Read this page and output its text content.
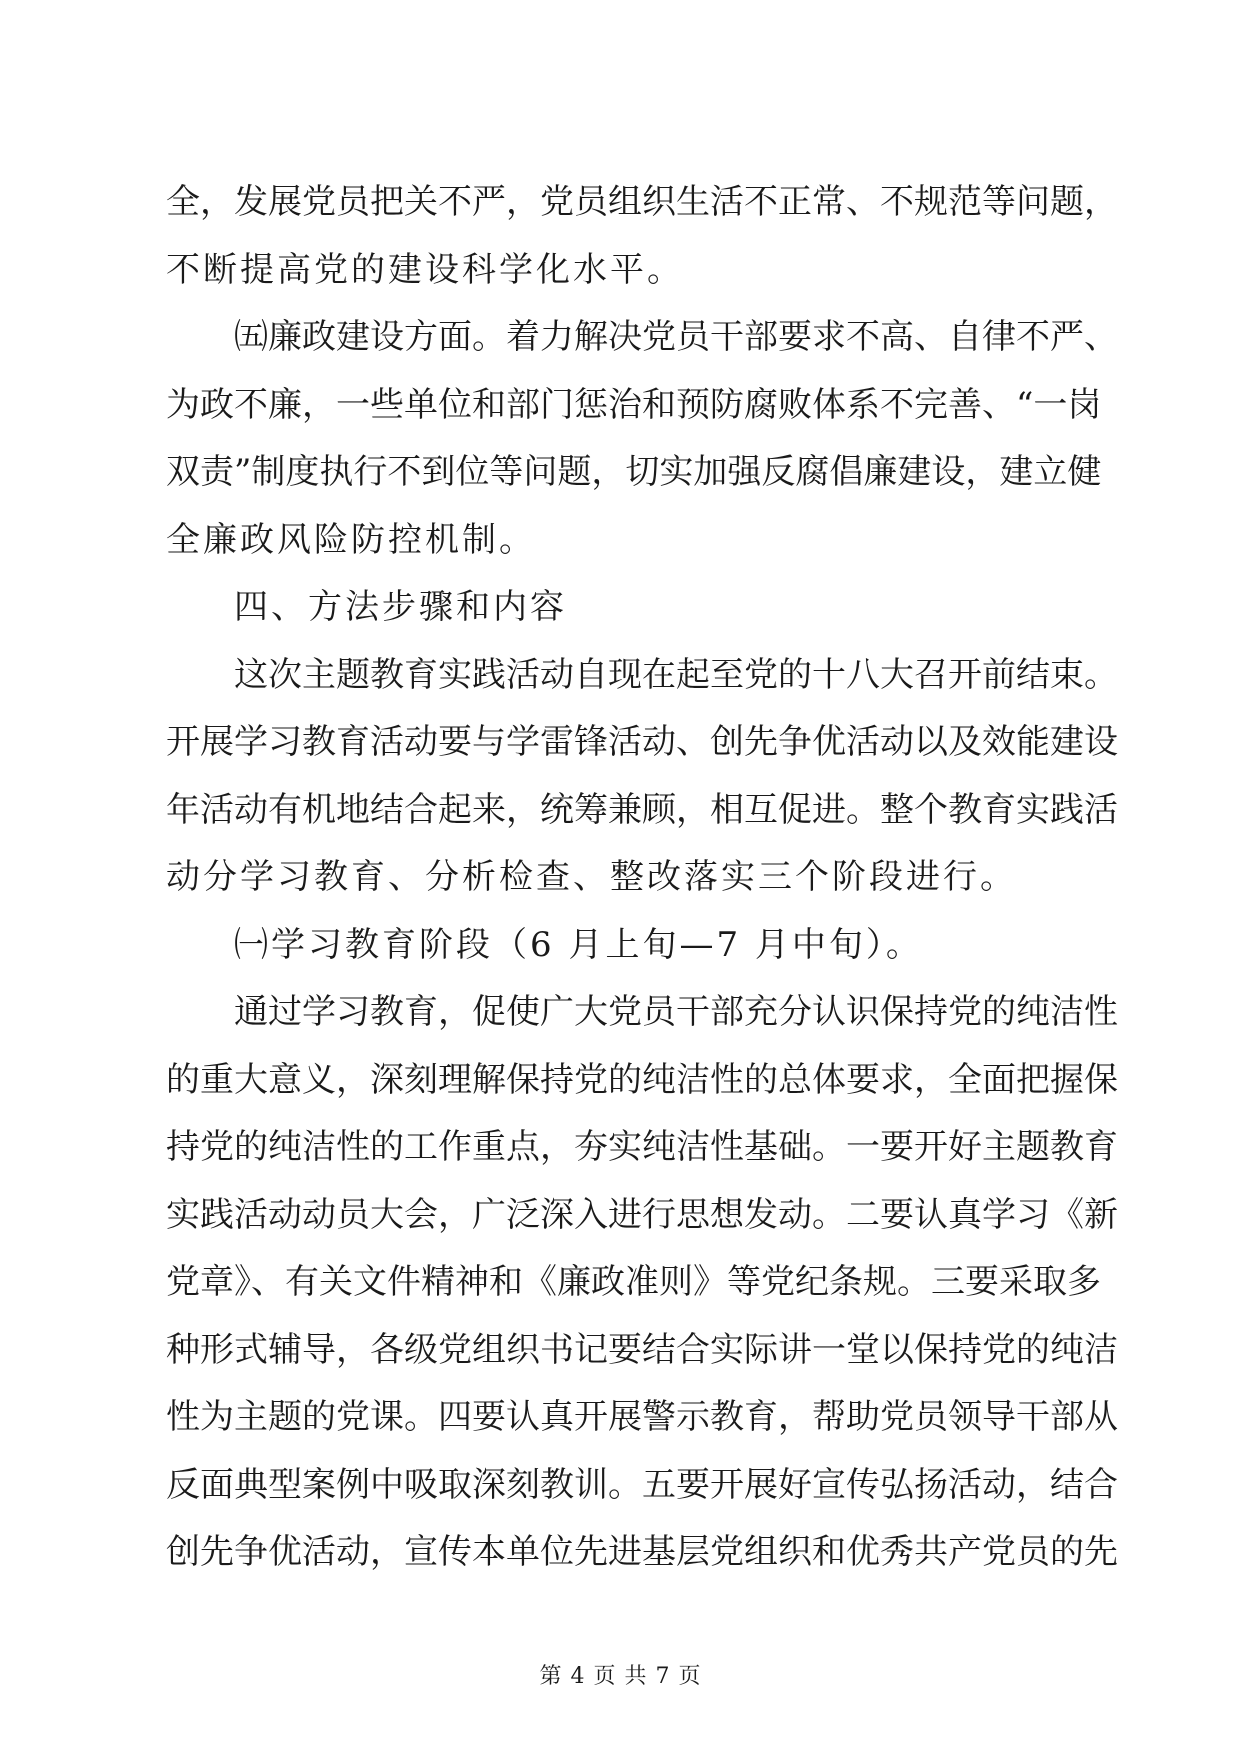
全，发展党员把关不严，党员组织生活不正常、不规范等问题，
不断提高党的建设科学化水平。
㈤廉政建设方面。着力解决党员干部要求不高、自律不严、
为政不廉，一些单位和部门惩治和预防腐败体系不完善、“一岗
双责”制度执行不到位等问题，切实加强反腐倡廉建设，建立健
全廉政风险防控机制。
四、方法步骤和内容
这次主题教育实践活动自现在起至党的十八大召开前结束。
开展学习教育活动要与学雷锋活动、创先争优活动以及效能建设
年活动有机地结合起来，统筹兼顾，相互促进。整个教育实践活
动分学习教育、分析检查、整改落实三个阶段进行。
㈠学习教育阶段（6 月上旬—7 月中旬）。
通过学习教育，促使广大党员干部充分认识保持党的纯洁性
的重大意义，深刻理解保持党的纯洁性的总体要求，全面把握保
持党的纯洁性的工作重点，夯实纯洁性基础。一要开好主题教育
实践活动动员大会，广泛深入进行思想发动。二要认真学习《新
党章》、有关文件精神和《廉政准则》等党纪条规。三要采取多
种形式辅导，各级党组织书记要结合实际讲一堂以保持党的纯洁
性为主题的党课。四要认真开展警示教育，帮助党员领导干部从
反面典型案例中吸取深刻教训。五要开展好宣传弘扬活动，结合
第 4 页 共 7 页
创先争优活动，宣传本单位先进基层党组织和优秀共产党员的先
